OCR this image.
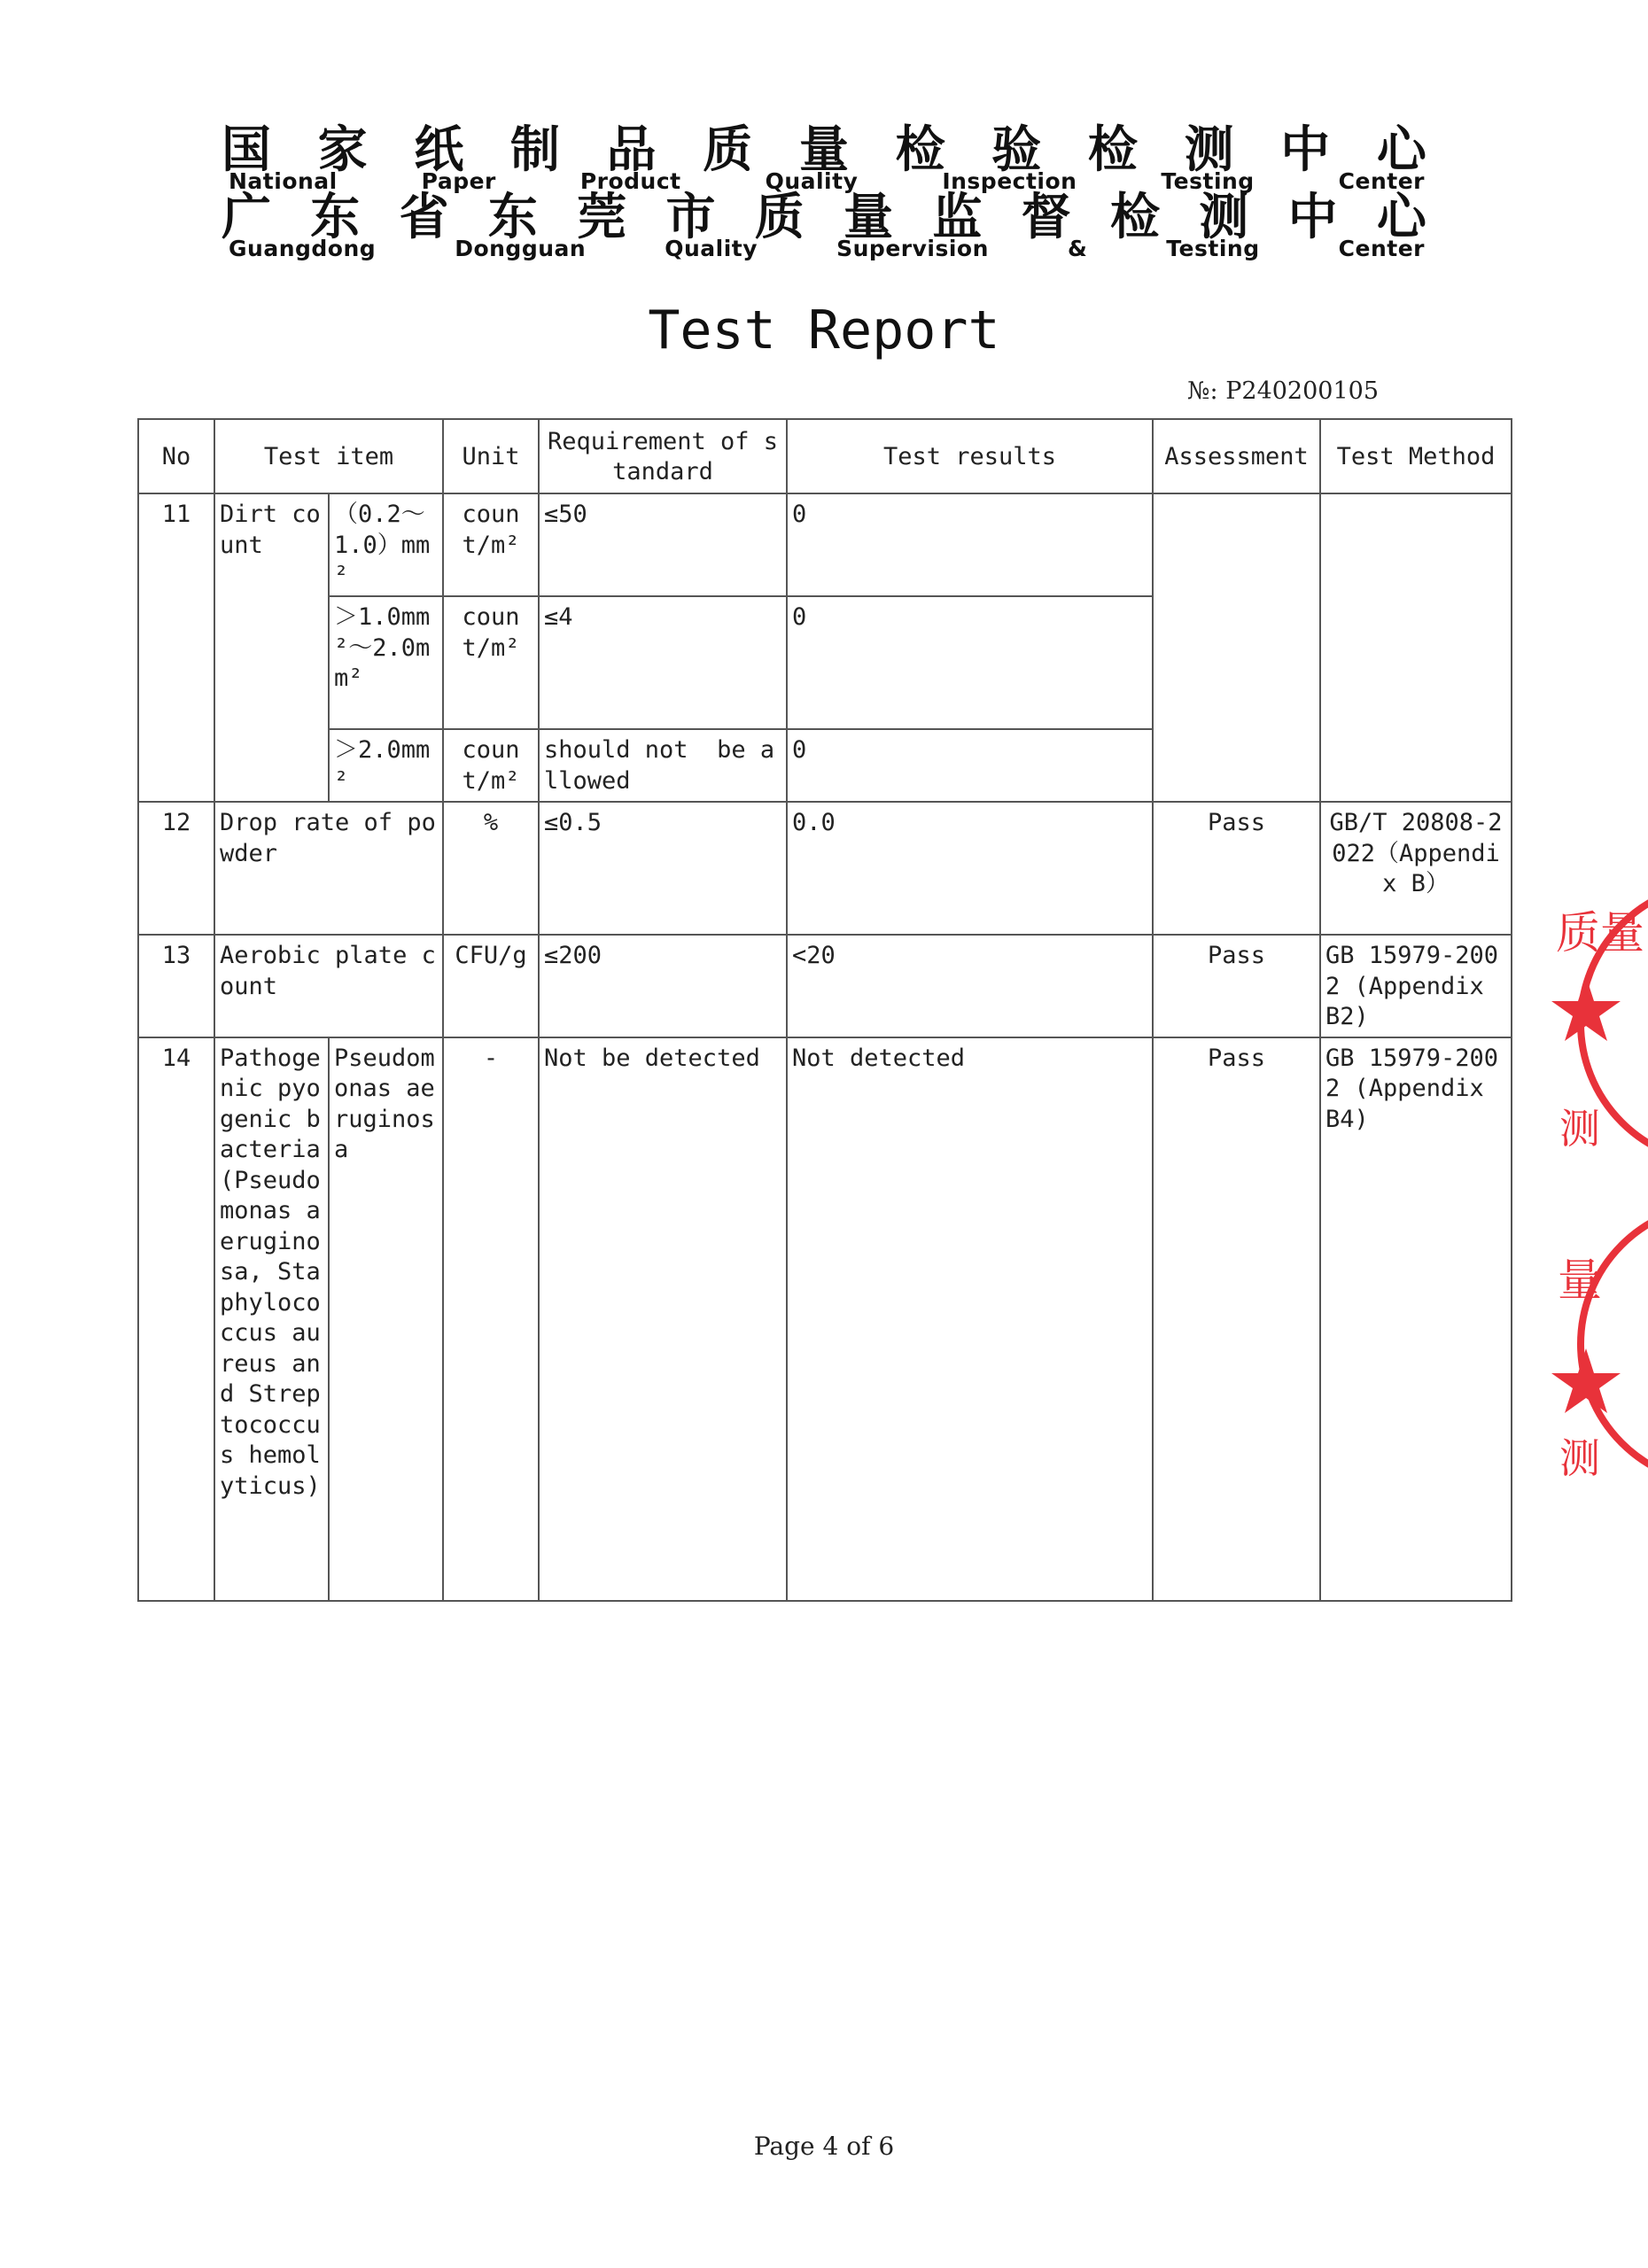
国 家 纸 制 品 质 量 检 验 检 测 中 心
National Paper Product Quality Inspection Testing Center
广 东 省 东 莞 市 质 量 监 督 检 测 中 心
Guangdong Dongguan Quality Supervision & Testing Center
Test Report
№: P240200105
No	Test item		Unit	Requirement of standard	Test results	Assessment	Test Method
11	Dirt count	（0.2～1.0）mm²	count/m²	≤50	0		
		＞1.0mm²～2.0mm²	count/m²	≤4	0		
		＞2.0mm²	count/m²	should not  be allowed	0		
12	Drop rate of powder		%	≤0.5	0.0	Pass	GB/T 20808-2022（Appendix B）
13	Aerobic plate count		CFU/g	≤200	<20	Pass	GB 15979-2002 (Appendix B2)
14	Pathogenic pyogenic bacteria (Pseudomonas aeruginosa, Staphylococcus aureus and Streptococcus hemolyticus)	Pseudomonas aeruginosa	-	Not be detected	Not detected	Pass	GB 15979-2002 (Appendix B4)
质量
测
量
测
Page 4 of 6
